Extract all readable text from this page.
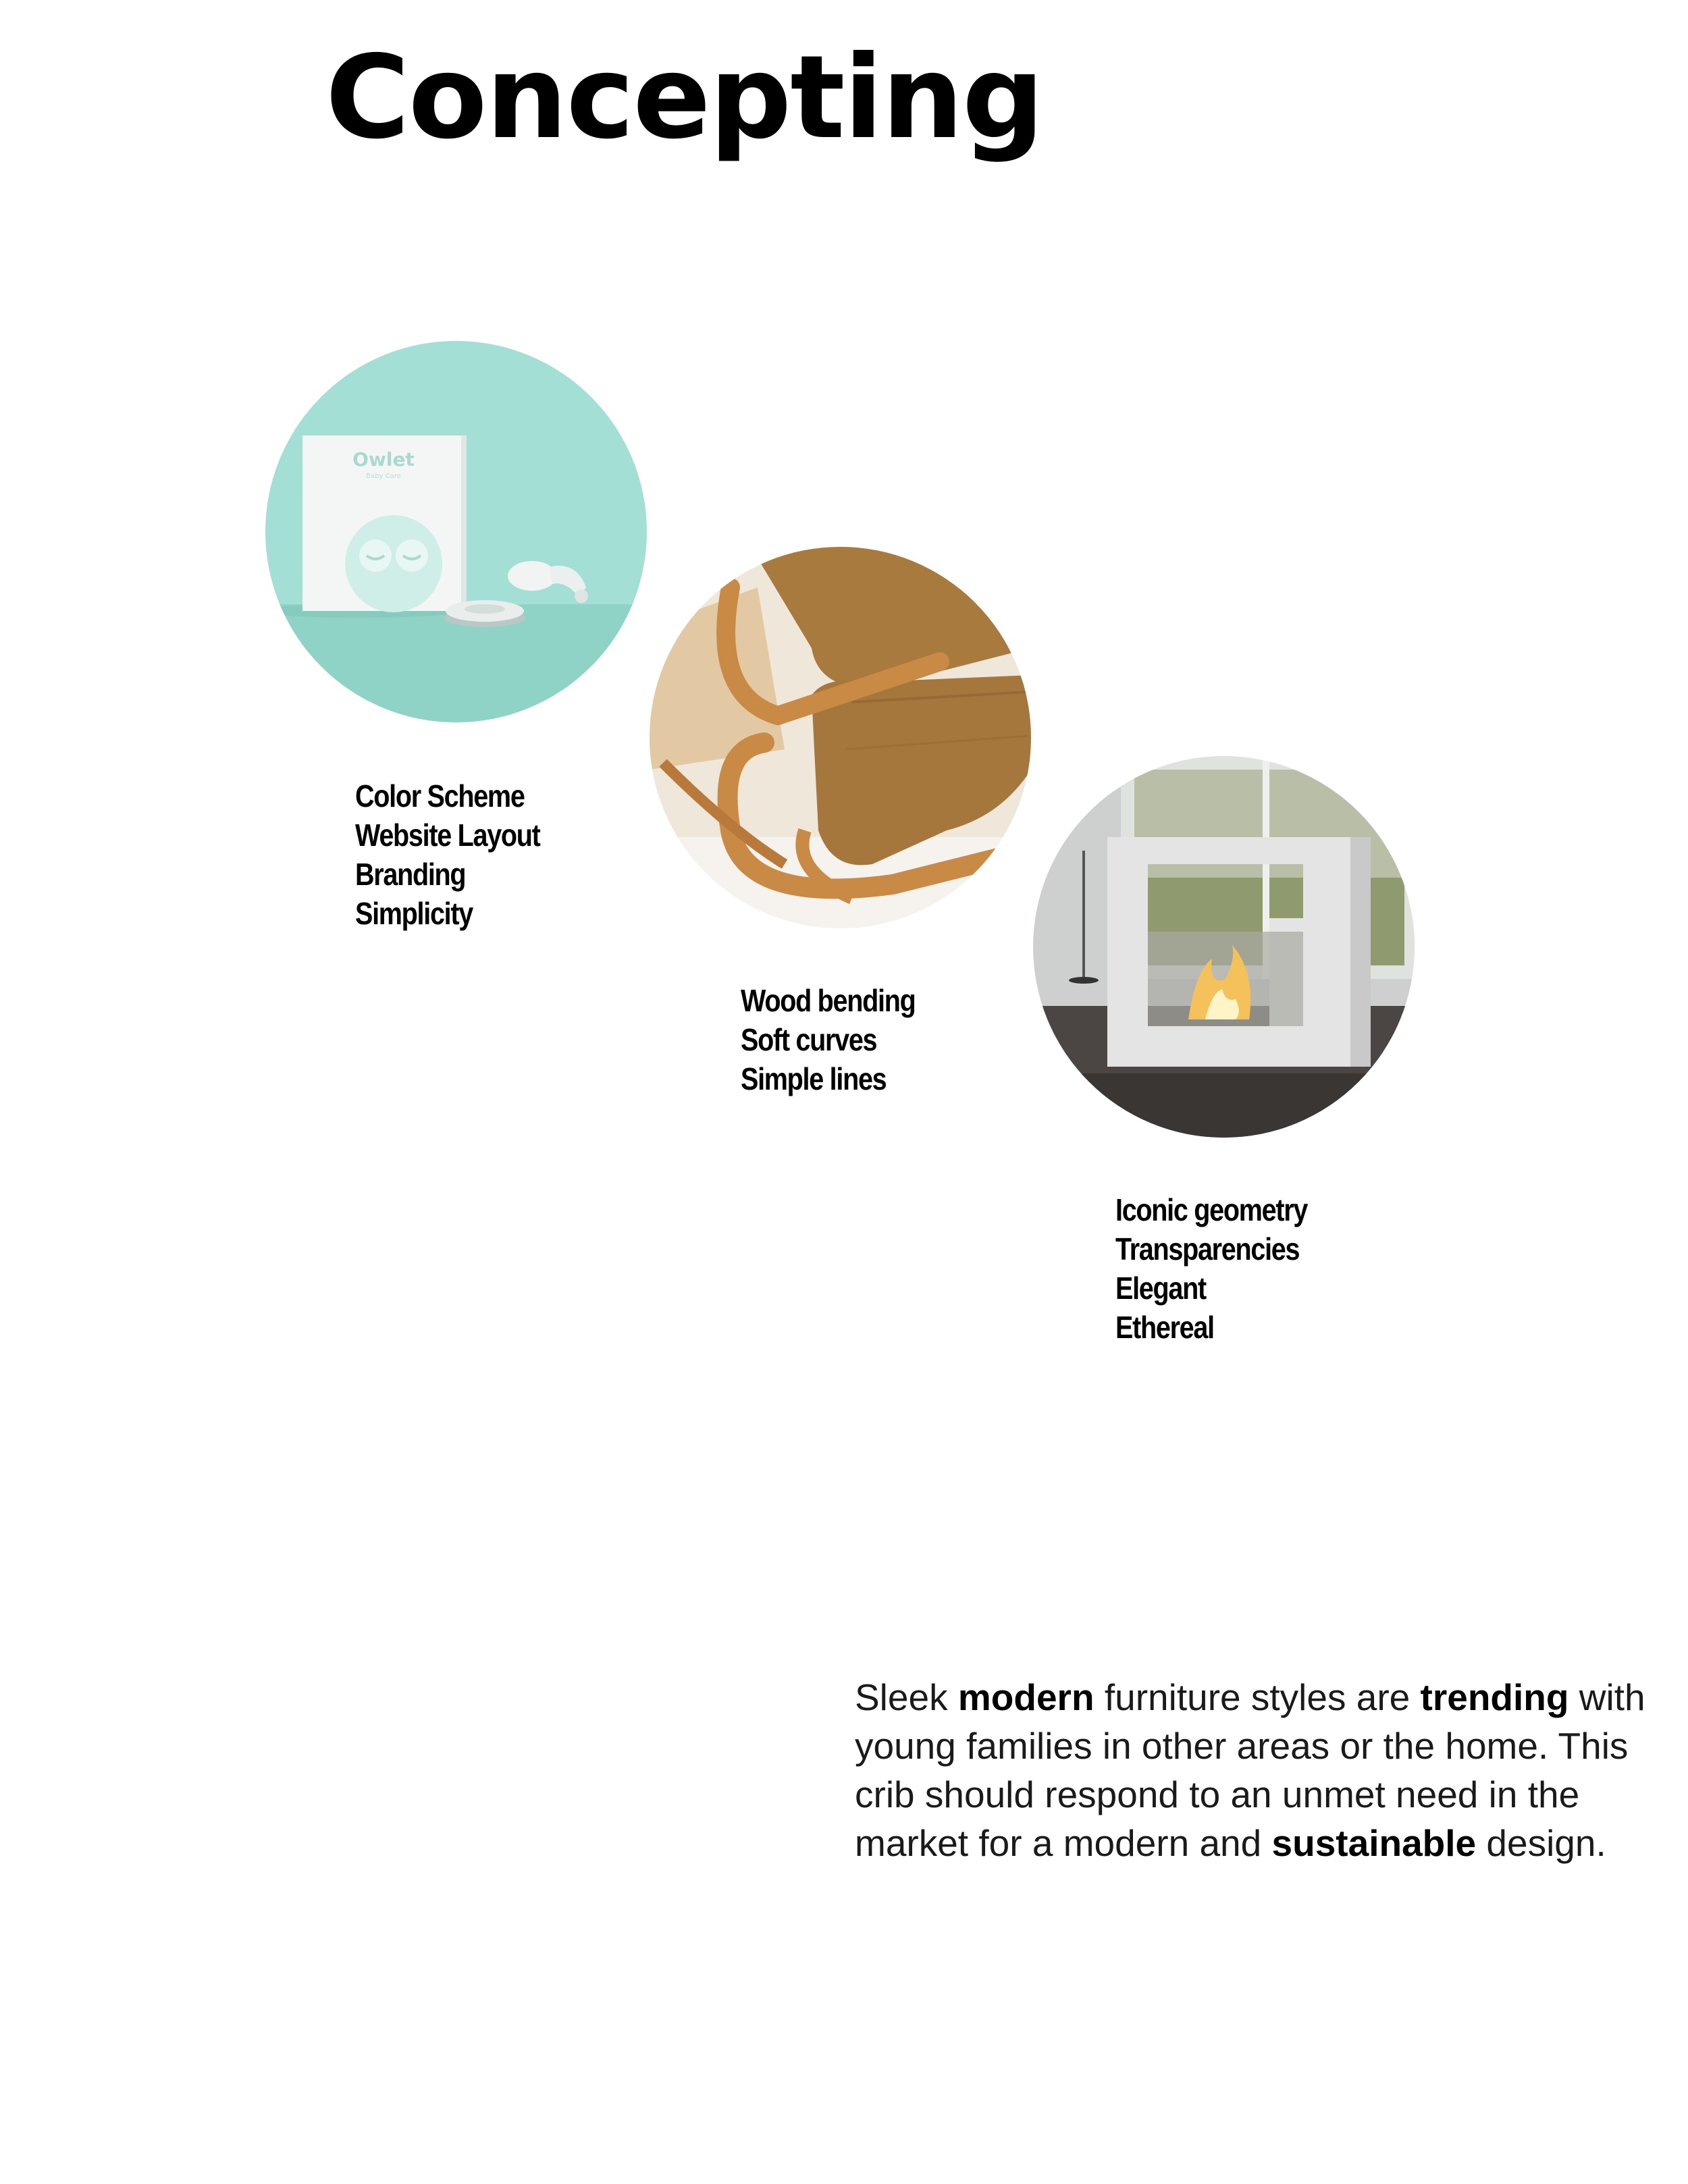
Concepting
Owlet
Baby Care
Color Scheme
Website Layout
Branding
Simplicity
Wood bending
Soft curves
Simple lines
Iconic geometry
Transparencies
Elegant
Ethereal

Sleek modern furniture styles are trending with young families in other areas or the home. This crib should respond to an unmet need in the market for a modern and sustainable design.
